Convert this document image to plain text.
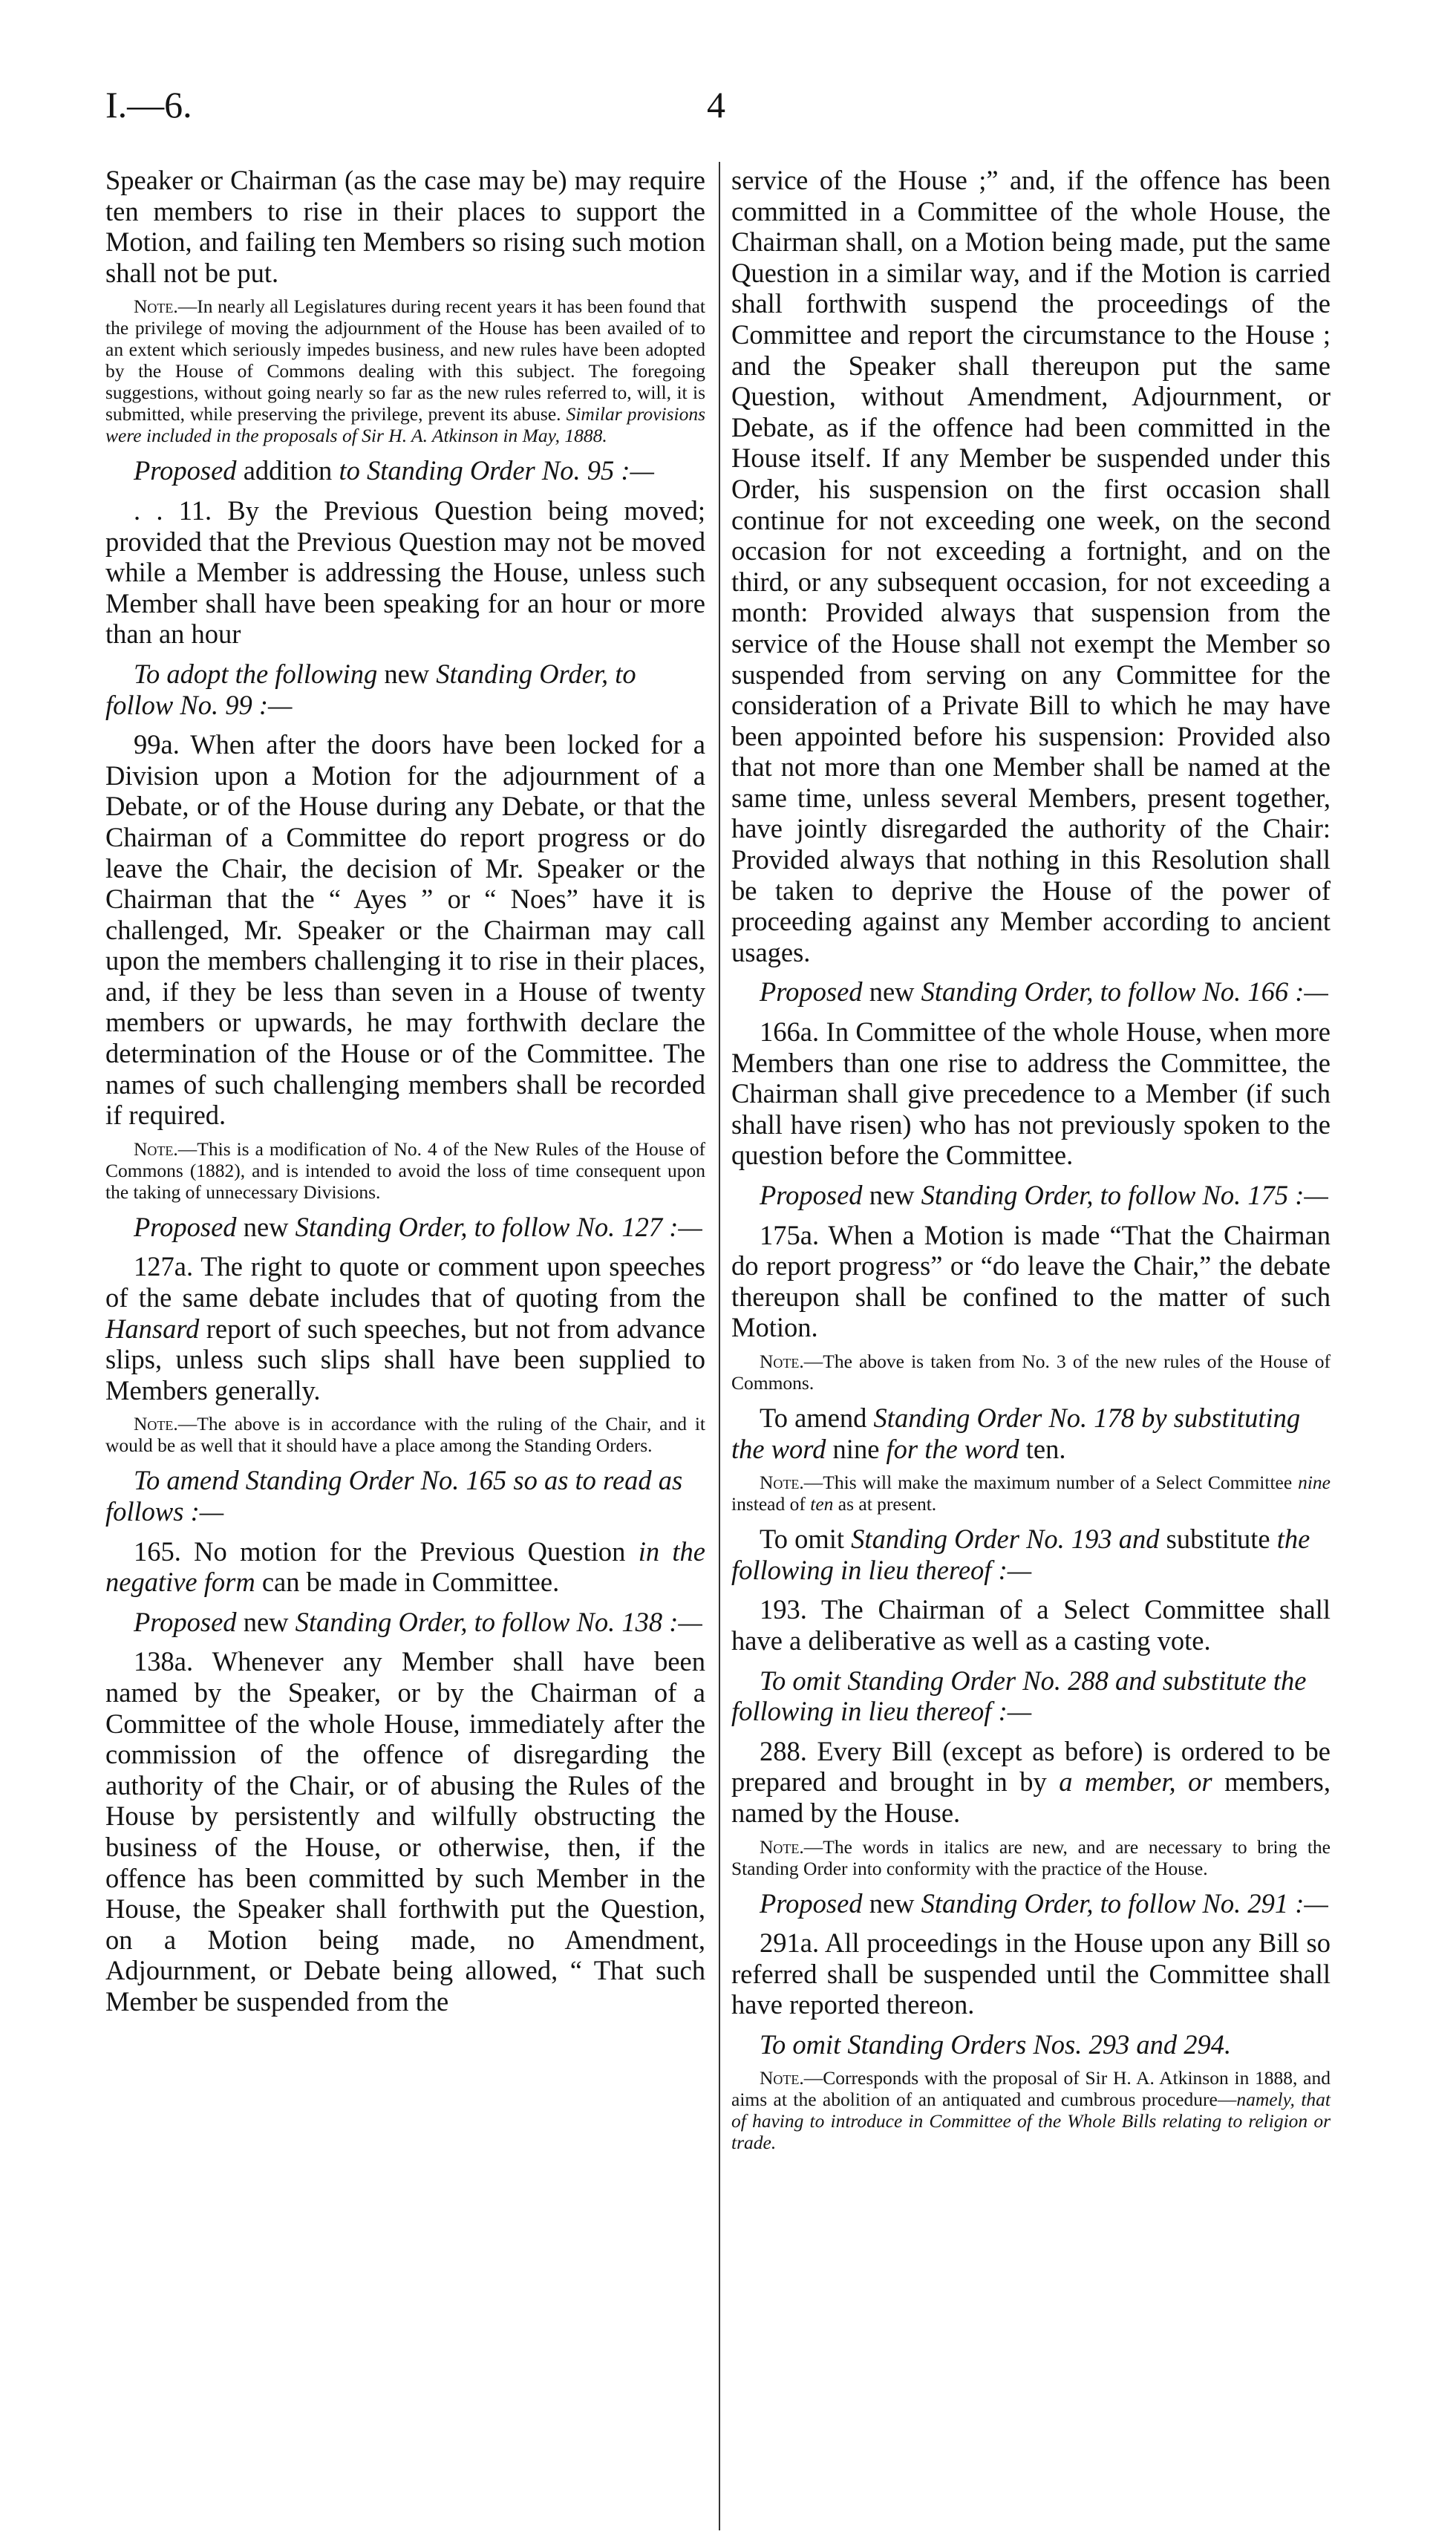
I.—6.	4

Speaker or Chairman (as the case may be) may require ten members to rise in their places to support the Motion, and failing ten Members so rising such motion shall not be put.

Note.—In nearly all Legislatures during recent years it has been found that the privilege of moving the adjournment of the House has been availed of to an extent which seriously impedes business, and new rules have been adopted by the House of Commons dealing with this subject. The foregoing suggestions, without going nearly so far as the new rules referred to, will, it is submitted, while preserving the privilege, prevent its abuse. Similar provisions were included in the proposals of Sir H. A. Atkinson in May, 1888.

Proposed addition to Standing Order No. 95 :—

. . 11. By the Previous Question being moved; provided that the Previous Question may not be moved while a Member is addressing the House, unless such Member shall have been speaking for an hour or more than an hour

To adopt the following new Standing Order, to follow No. 99 :—

99a. When after the doors have been locked for a Division upon a Motion for the adjournment of a Debate, or of the House during any Debate, or that the Chairman of a Committee do report progress or do leave the Chair, the decision of Mr. Speaker or the Chairman that the “ Ayes ” or “ Noes” have it is challenged, Mr. Speaker or the Chairman may call upon the members challenging it to rise in their places, and, if they be less than seven in a House of twenty members or upwards, he may forthwith declare the determination of the House or of the Committee. The names of such challenging members shall be recorded if required.

Note.—This is a modification of No. 4 of the New Rules of the House of Commons (1882), and is intended to avoid the loss of time consequent upon the taking of unnecessary Divisions.

Proposed new Standing Order, to follow No. 127 :—

127a. The right to quote or comment upon speeches of the same debate includes that of quoting from the Hansard report of such speeches, but not from advance slips, unless such slips shall have been supplied to Members generally.

Note.—The above is in accordance with the ruling of the Chair, and it would be as well that it should have a place among the Standing Orders.

To amend Standing Order No. 165 so as to read as follows :—

165. No motion for the Previous Question in the negative form can be made in Committee.

Proposed new Standing Order, to follow No. 138 :—

138a. Whenever any Member shall have been named by the Speaker, or by the Chairman of a Committee of the whole House, immediately after the commission of the offence of disregarding the authority of the Chair, or of abusing the Rules of the House by persistently and wilfully obstructing the business of the House, or otherwise, then, if the offence has been committed by such Member in the House, the Speaker shall forthwith put the Question, on a Motion being made, no Amendment, Adjournment, or Debate being allowed, “ That such Member be suspended from the

service of the House ;” and, if the offence has been committed in a Committee of the whole House, the Chairman shall, on a Motion being made, put the same Question in a similar way, and if the Motion is carried shall forthwith suspend the proceedings of the Committee and report the circumstance to the House ; and the Speaker shall thereupon put the same Question, without Amendment, Adjournment, or Debate, as if the offence had been committed in the House itself. If any Member be suspended under this Order, his suspension on the first occasion shall continue for not exceeding one week, on the second occasion for not exceeding a fortnight, and on the third, or any subsequent occasion, for not exceeding a month: Provided always that suspension from the service of the House shall not exempt the Member so suspended from serving on any Committee for the consideration of a Private Bill to which he may have been appointed before his suspension: Provided also that not more than one Member shall be named at the same time, unless several Members, present together, have jointly disregarded the authority of the Chair: Provided always that nothing in this Resolution shall be taken to deprive the House of the power of proceeding against any Member according to ancient usages.

Proposed new Standing Order, to follow No. 166 :—

166a. In Committee of the whole House, when more Members than one rise to address the Committee, the Chairman shall give precedence to a Member (if such shall have risen) who has not previously spoken to the question before the Committee.

Proposed new Standing Order, to follow No. 175 :—

175a. When a Motion is made “That the Chairman do report progress” or “do leave the Chair,” the debate thereupon shall be confined to the matter of such Motion.

Note.—The above is taken from No. 3 of the new rules of the House of Commons.

To amend Standing Order No. 178 by substituting the word nine for the word ten.

Note.—This will make the maximum number of a Select Committee nine instead of ten as at present.

To omit Standing Order No. 193 and substitute the following in lieu thereof :—

193. The Chairman of a Select Committee shall have a deliberative as well as a casting vote.

To omit Standing Order No. 288 and substitute the following in lieu thereof :—

288. Every Bill (except as before) is ordered to be prepared and brought in by a member, or members, named by the House.

Note.—The words in italics are new, and are necessary to bring the Standing Order into conformity with the practice of the House.

Proposed new Standing Order, to follow No. 291 :—

291a. All proceedings in the House upon any Bill so referred shall be suspended until the Committee shall have reported thereon.

To omit Standing Orders Nos. 293 and 294.

Note.—Corresponds with the proposal of Sir H. A. Atkinson in 1888, and aims at the abolition of an antiquated and cumbrous procedure—namely, that of having to introduce in Committee of the Whole Bills relating to religion or trade.
